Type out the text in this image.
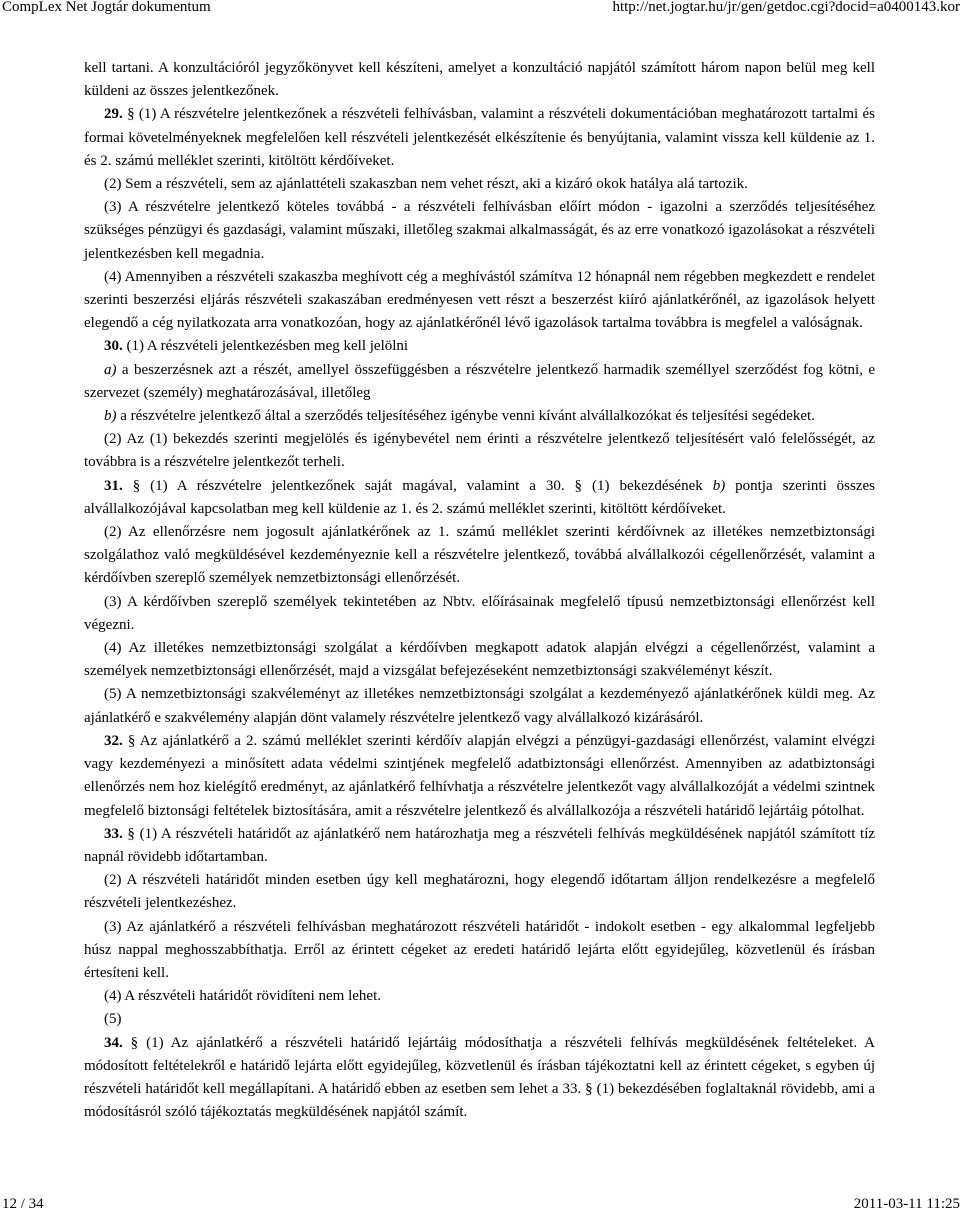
CompLex Net Jogtár dokumentum	http://net.jogtar.hu/jr/gen/getdoc.cgi?docid=a0400143.kor

kell tartani. A konzultációról jegyzőkönyvet kell készíteni, amelyet a konzultáció napjától számított három napon belül meg kell küldeni az összes jelentkezőnek.

29. § (1) A részvételre jelentkezőnek a részvételi felhívásban, valamint a részvételi dokumentációban meghatározott tartalmi és formai követelményeknek megfelelően kell részvételi jelentkezését elkészítenie és benyújtania, valamint vissza kell küldenie az 1. és 2. számú melléklet szerinti, kitöltött kérdőíveket.

(2) Sem a részvételi, sem az ajánlattételi szakaszban nem vehet részt, aki a kizáró okok hatálya alá tartozik.

(3) A részvételre jelentkező köteles továbbá - a részvételi felhívásban előírt módon - igazolni a szerződés teljesítéséhez szükséges pénzügyi és gazdasági, valamint műszaki, illetőleg szakmai alkalmasságát, és az erre vonatkozó igazolásokat a részvételi jelentkezésben kell megadnia.

(4) Amennyiben a részvételi szakaszba meghívott cég a meghívástól számítva 12 hónapnál nem régebben megkezdett e rendelet szerinti beszerzési eljárás részvételi szakaszában eredményesen vett részt a beszerzést kiíró ajánlatkérőnél, az igazolások helyett elegendő a cég nyilatkozata arra vonatkozóan, hogy az ajánlatkérőnél lévő igazolások tartalma továbbra is megfelel a valóságnak.

30. (1) A részvételi jelentkezésben meg kell jelölni

a) a beszerzésnek azt a részét, amellyel összefüggésben a részvételre jelentkező harmadik személlyel szerződést fog kötni, e szervezet (személy) meghatározásával, illetőleg

b) a részvételre jelentkező által a szerződés teljesítéséhez igénybe venni kívánt alvállalkozókat és teljesítési segédeket.

(2) Az (1) bekezdés szerinti megjelölés és igénybevétel nem érinti a részvételre jelentkező teljesítésért való felelősségét, az továbbra is a részvételre jelentkezőt terheli.

31. § (1) A részvételre jelentkezőnek saját magával, valamint a 30. § (1) bekezdésének b) pontja szerinti összes alvállalkozójával kapcsolatban meg kell küldenie az 1. és 2. számú melléklet szerinti, kitöltött kérdőíveket.

(2) Az ellenőrzésre nem jogosult ajánlatkérőnek az 1. számú melléklet szerinti kérdőívnek az illetékes nemzetbiztonsági szolgálathoz való megküldésével kezdeményeznie kell a részvételre jelentkező, továbbá alvállalkozói cégellenőrzését, valamint a kérdőívben szereplő személyek nemzetbiztonsági ellenőrzését.

(3) A kérdőívben szereplő személyek tekintetében az Nbtv. előírásainak megfelelő típusú nemzetbiztonsági ellenőrzést kell végezni.

(4) Az illetékes nemzetbiztonsági szolgálat a kérdőívben megkapott adatok alapján elvégzi a cégellenőrzést, valamint a személyek nemzetbiztonsági ellenőrzését, majd a vizsgálat befejezéseként nemzetbiztonsági szakvéleményt készít.

(5) A nemzetbiztonsági szakvéleményt az illetékes nemzetbiztonsági szolgálat a kezdeményező ajánlatkérőnek küldi meg. Az ajánlatkérő e szakvélemény alapján dönt valamely részvételre jelentkező vagy alvállalkozó kizárásáról.

32. § Az ajánlatkérő a 2. számú melléklet szerinti kérdőív alapján elvégzi a pénzügyi-gazdasági ellenőrzést, valamint elvégzi vagy kezdeményezi a minősített adata védelmi szintjének megfelelő adatbiztonsági ellenőrzést. Amennyiben az adatbiztonsági ellenőrzés nem hoz kielégítő eredményt, az ajánlatkérő felhívhatja a részvételre jelentkezőt vagy alvállalkozóját a védelmi szintnek megfelelő biztonsági feltételek biztosítására, amit a részvételre jelentkező és alvállalkozója a részvételi határidő lejártáig pótolhat.

33. § (1) A részvételi határidőt az ajánlatkérő nem határozhatja meg a részvételi felhívás megküldésének napjától számított tíz napnál rövidebb időtartamban.

(2) A részvételi határidőt minden esetben úgy kell meghatározni, hogy elegendő időtartam álljon rendelkezésre a megfelelő részvételi jelentkezéshez.

(3) Az ajánlatkérő a részvételi felhívásban meghatározott részvételi határidőt - indokolt esetben - egy alkalommal legfeljebb húsz nappal meghosszabbíthatja. Erről az érintett cégeket az eredeti határidő lejárta előtt egyidejűleg, közvetlenül és írásban értesíteni kell.

(4) A részvételi határidőt rövidíteni nem lehet.

(5)

34. § (1) Az ajánlatkérő a részvételi határidő lejártáig módosíthatja a részvételi felhívás megküldésének feltételeket. A módosított feltételekről e határidő lejárta előtt egyidejűleg, közvetlenül és írásban tájékoztatni kell az érintett cégeket, s egyben új részvételi határidőt kell megállapítani. A határidő ebben az esetben sem lehet a 33. § (1) bekezdésében foglaltaknál rövidebb, ami a módosításról szóló tájékoztatás megküldésének napjától számít.

12 / 34	2011-03-11 11:25
